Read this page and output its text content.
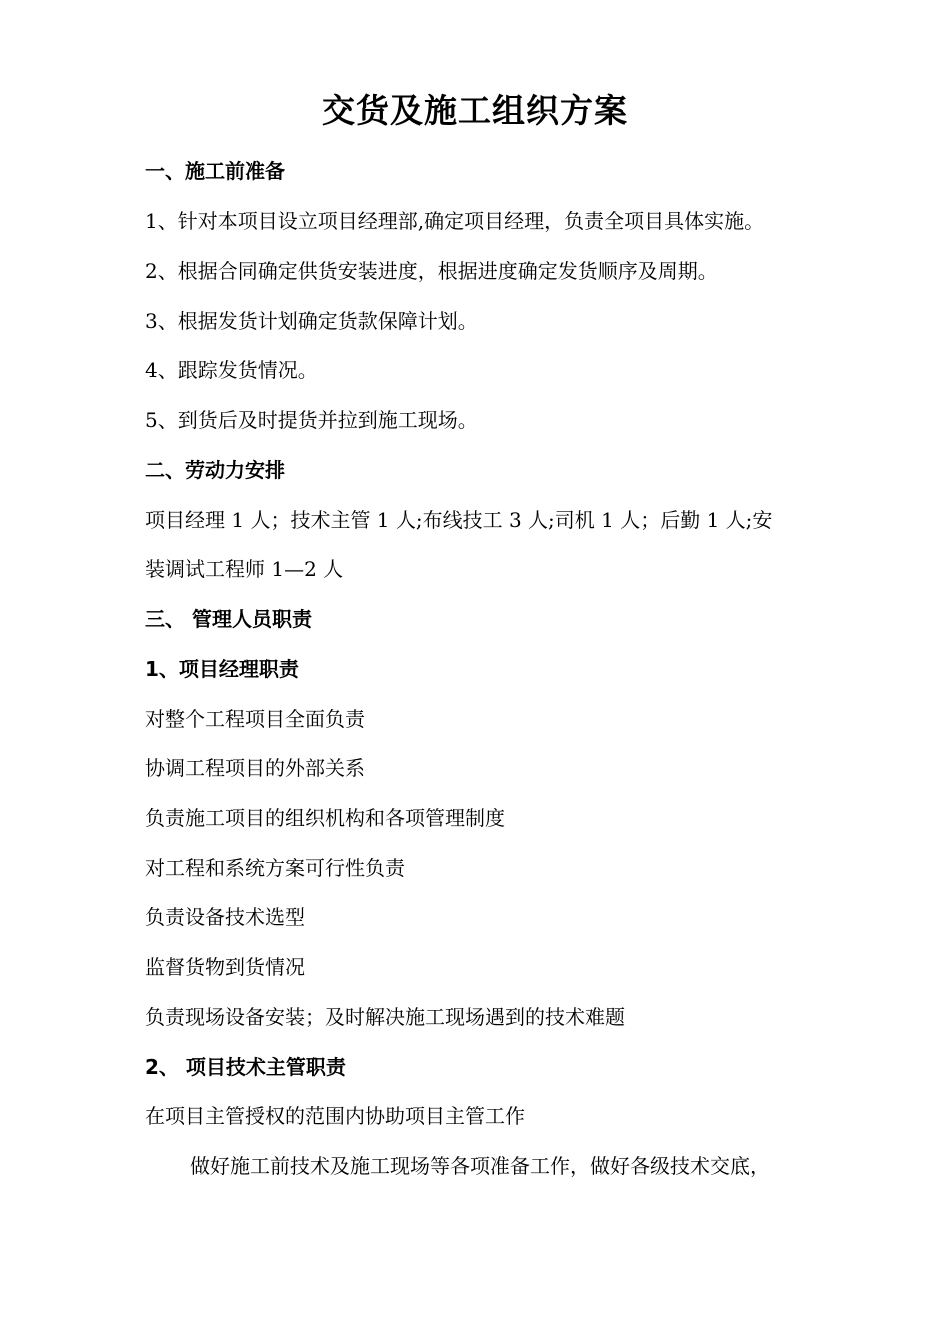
交货及施工组织方案
一、施工前准备
1、针对本项目设立项目经理部,确定项目经理，负责全项目具体实施。
2、根据合同确定供货安装进度，根据进度确定发货顺序及周期。
3、根据发货计划确定货款保障计划。
4、跟踪发货情况。
5、到货后及时提货并拉到施工现场。
二、劳动力安排
项目经理 1 人；技术主管 1 人;布线技工 3 人;司机 1 人；后勤 1 人;安
装调试工程师 1—2 人
三、 管理人员职责
1、项目经理职责
对整个工程项目全面负责
协调工程项目的外部关系
负责施工项目的组织机构和各项管理制度
对工程和系统方案可行性负责
负责设备技术选型
监督货物到货情况
负责现场设备安装；及时解决施工现场遇到的技术难题
2、 项目技术主管职责
在项目主管授权的范围内协助项目主管工作
做好施工前技术及施工现场等各项准备工作，做好各级技术交底，
